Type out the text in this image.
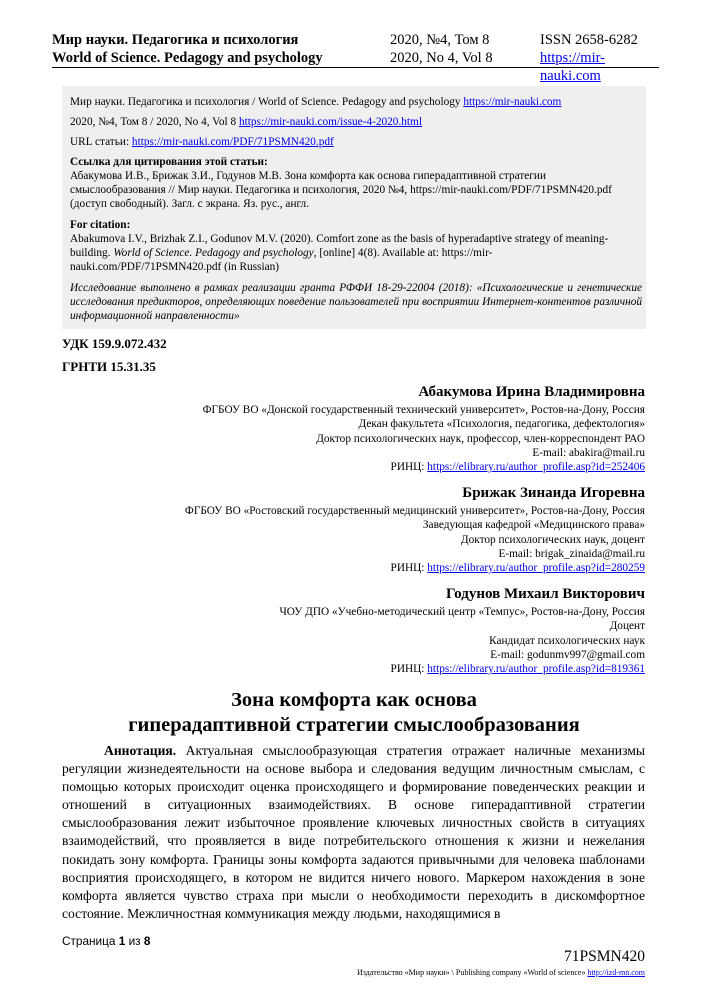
Мир науки. Педагогика и психология	2020, №4, Том 8	ISSN 2658-6282
World of Science. Pedagogy and psychology	2020, No 4, Vol 8	https://mir-nauki.com

Мир науки. Педагогика и психология / World of Science. Pedagogy and psychology https://mir-nauki.com

2020, №4, Том 8 / 2020, No 4, Vol 8 https://mir-nauki.com/issue-4-2020.html

URL статьи: https://mir-nauki.com/PDF/71PSMN420.pdf

Ссылка для цитирования этой статьи:
Абакумова И.В., Брижак З.И., Годунов М.В. Зона комфорта как основа гиперадаптивной стратегии смыслообразования // Мир науки. Педагогика и психология, 2020 №4, https://mir-nauki.com/PDF/71PSMN420.pdf (доступ свободный). Загл. с экрана. Яз. рус., англ.

For citation:
Abakumova I.V., Brizhak Z.I., Godunov M.V. (2020). Comfort zone as the basis of hyperadaptive strategy of meaning-building. World of Science. Pedagogy and psychology, [online] 4(8). Available at: https://mir-nauki.com/PDF/71PSMN420.pdf (in Russian)

Исследование выполнено в рамках реализации гранта РФФИ 18-29-22004 (2018): «Психологические и генетические исследования предикторов, определяющих поведение пользователей при восприятии Интернет-контентов различной информационной направленности»

УДК 159.9.072.432
ГРНТИ 15.31.35
Абакумова Ирина Владимировна
ФГБОУ ВО «Донской государственный технический университет», Ростов-на-Дону, Россия
Декан факультета «Психология, педагогика, дефектология»
Доктор психологических наук, профессор, член-корреспондент РАО
E-mail: abakira@mail.ru
РИНЦ: https://elibrary.ru/author_profile.asp?id=252406
Брижак Зинаида Игоревна
ФГБОУ ВО «Ростовский государственный медицинский университет», Ростов-на-Дону, Россия
Заведующая кафедрой «Медицинского права»
Доктор психологических наук, доцент
E-mail: brigak_zinaida@mail.ru
РИНЦ: https://elibrary.ru/author_profile.asp?id=280259
Годунов Михаил Викторович
ЧОУ ДПО «Учебно-методический центр «Темпус», Ростов-на-Дону, Россия
Доцент
Кандидат психологических наук
E-mail: godunmv997@gmail.com
РИНЦ: https://elibrary.ru/author_profile.asp?id=819361
Зона комфорта как основа
гиперадаптивной стратегии смыслообразования

Аннотация. Актуальная смыслообразующая стратегия отражает наличные механизмы регуляции жизнедеятельности на основе выбора и следования ведущим личностным смыслам, с помощью которых происходит оценка происходящего и формирование поведенческих реакции и отношений в ситуационных взаимодействиях. В основе гиперадаптивной стратегии смыслообразования лежит избыточное проявление ключевых личностных свойств в ситуациях взаимодействий, что проявляется в виде потребительского отношения к жизни и нежелания покидать зону комфорта. Границы зоны комфорта задаются привычными для человека шаблонами восприятия происходящего, в котором не видится ничего нового. Маркером нахождения в зоне комфорта является чувство страха при мысли о необходимости переходить в дискомфортное состояние. Межличностная коммуникация между людьми, находящимися в

Страница 1 из 8
71PSMN420
Издательство «Мир науки» \ Publishing company «World of science» http://izd-mn.com
